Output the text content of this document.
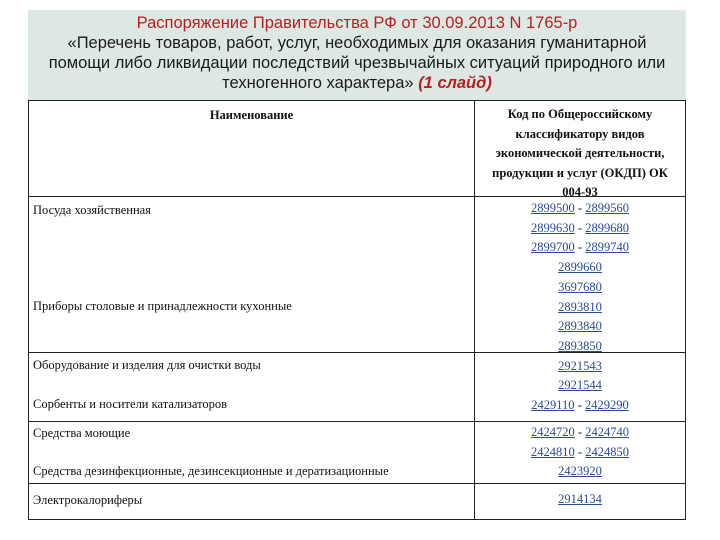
Распоряжение Правительства РФ от 30.09.2013 N 1765-р
«Перечень товаров, работ, услуг, необходимых для оказания гуманитарной
помощи либо ликвидации последствий чрезвычайных ситуаций природного или
техногенного характера» (1 слайд)
Наименование	Код по Общероссийскому
классификатору видов
экономической деятельности,
продукции и услуг (ОКДП) ОК
004-93
Посуда хозяйственная
Приборы столовые и принадлежности кухонные
Оборудование и изделия для очистки воды
Сорбенты и носители катализаторов
Средства моющие
Средства дезинфекционные, дезинсекционные и дератизационные
Электрокалориферы
2899500 - 2899560
2899630 - 2899680
2899700 - 2899740
2899660
3697680
2893810
2893840
2893850
2921543
2921544
2429110 - 2429290
2424720 - 2424740
2424810 - 2424850
2423920
2914134
